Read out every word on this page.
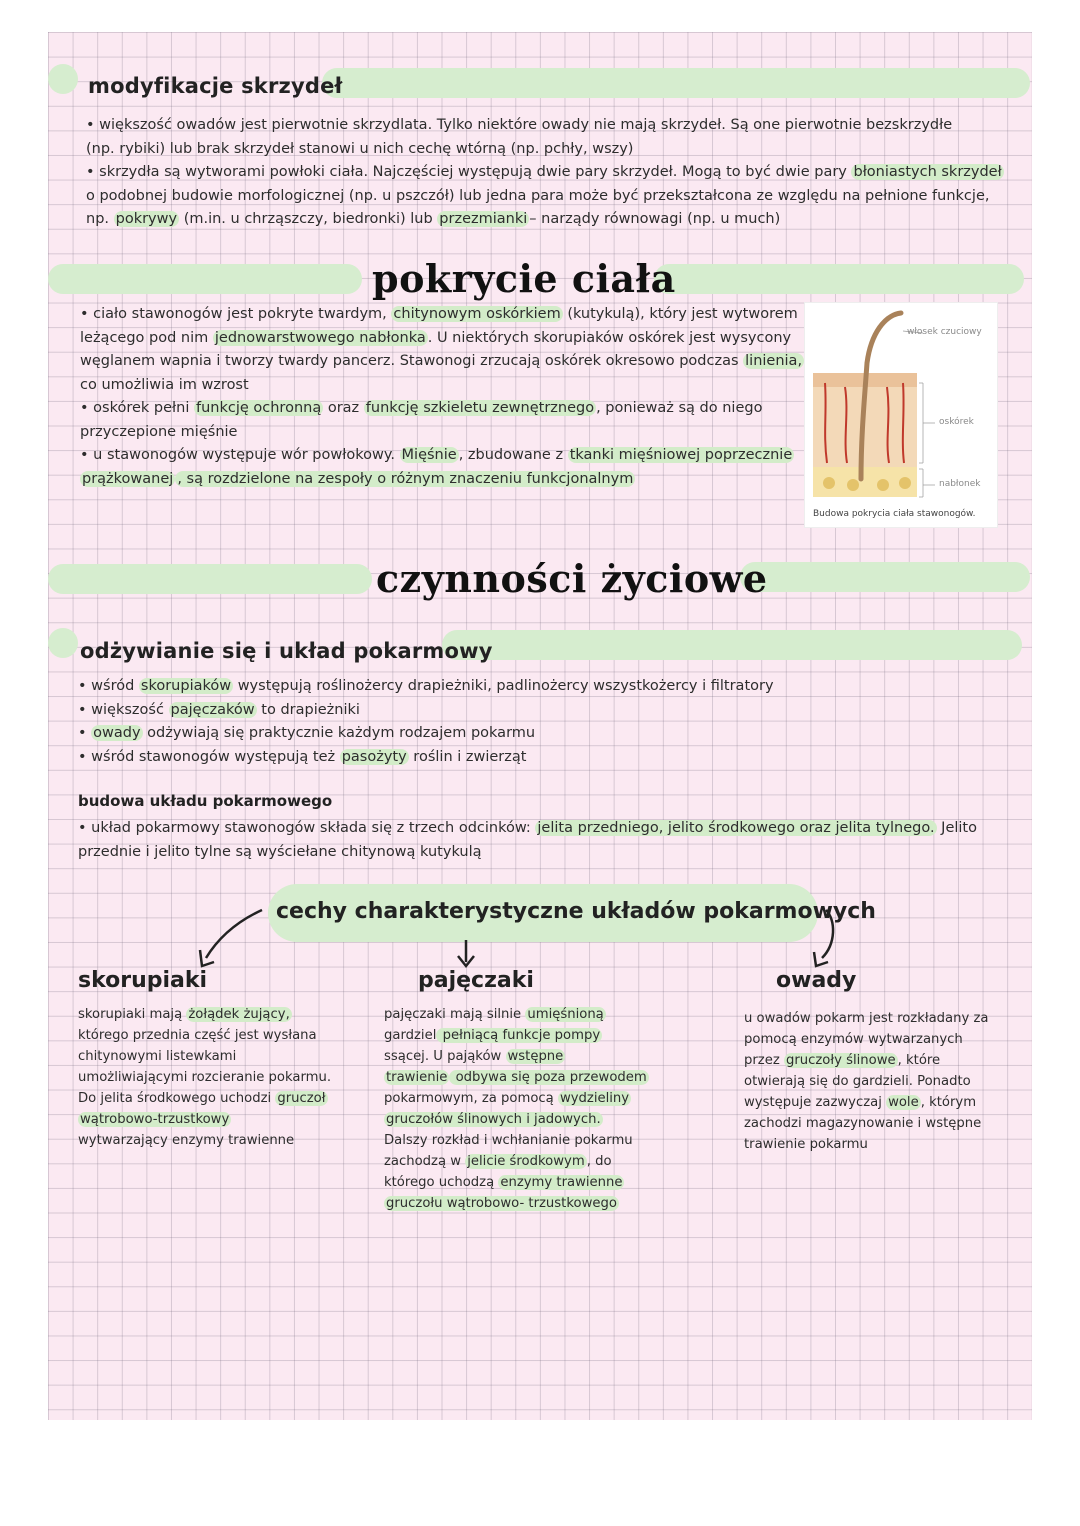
modyfikacje skrzydeł
• większość owadów jest pierwotnie skrzydlata. Tylko niektóre owady nie mają skrzydeł. Są one pierwotnie bezskrzydłe
(np. rybiki) lub brak skrzydeł stanowi u nich cechę wtórną (np. pchły, wszy)
• skrzydła są wytworami powłoki ciała. Najczęściej występują dwie pary skrzydeł. Mogą to być dwie pary błoniastych skrzydeł
o podobnej budowie morfologicznej (np. u pszczół) lub jedna para może być przekształcona ze względu na pełnione funkcje,
np. pokrywy (m.in. u chrząszczy, biedronki) lub przezmianki – narządy równowagi (np. u much)
pokrycie ciała
• ciało stawonogów jest pokryte twardym, chitynowym oskórkiem (kutykulą), który jest wytworem
leżącego pod nim jednowarstwowego nabłonka . U niektórych skorupiaków oskórek jest wysycony
węglanem wapnia i tworzy twardy pancerz. Stawonogi zrzucają oskórek okresowo podczas linienia,
co umożliwia im wzrost
• oskórek pełni funkcję ochronną oraz funkcję szkieletu zewnętrznego , ponieważ są do niego
przyczepione mięśnie
• u stawonogów występuje wór powłokowy. Mięśnie , zbudowane z tkanki mięśniowej poprzecznie
prążkowanej , są rozdzielone na zespoły o różnym znaczeniu funkcjonalnym
włosek czuciowy
oskórek
nabłonek
Budowa pokrycia ciała stawonogów.
czynności życiowe
odżywianie się i układ pokarmowy
• wśród skorupiaków występują roślinożercy drapieżniki, padlinożercy wszystkożercy i filtratory
• większość pajęczaków to drapieżniki
• owady odżywiają się praktycznie każdym rodzajem pokarmu
• wśród stawonogów występują też pasożyty roślin i zwierząt
budowa układu pokarmowego
• układ pokarmowy stawonogów składa się z trzech odcinków: jelita przedniego, jelito środkowego oraz jelita tylnego. Jelito
przednie i jelito tylne są wyściełane chitynową kutykulą
cechy charakterystyczne układów pokarmowych
skorupiaki	pajęczaki	owady
skorupiaki mają żołądek żujący,
którego przednia część jest wysłana
chitynowymi listewkami
umożliwiającymi rozcieranie pokarmu.
Do jelita środkowego uchodzi gruczoł
wątrobowo-trzustkowy
wytwarzający enzymy trawienne
pajęczaki mają silnie umięśnioną
gardziel pełniącą funkcje pompy
ssącej. U pająków wstępne
trawienie odbywa się poza przewodem
pokarmowym, za pomocą wydzieliny
gruczołów ślinowych i jadowych.
Dalszy rozkład i wchłanianie pokarmu
zachodzą w jelicie środkowym , do
którego uchodzą enzymy trawienne
gruczołu wątrobowo- trzustkowego
u owadów pokarm jest rozkładany za
pomocą enzymów wytwarzanych
przez gruczoły ślinowe , które
otwierają się do gardzieli. Ponadto
występuje zazwyczaj wole , którym
zachodzi magazynowanie i wstępne
trawienie pokarmu
